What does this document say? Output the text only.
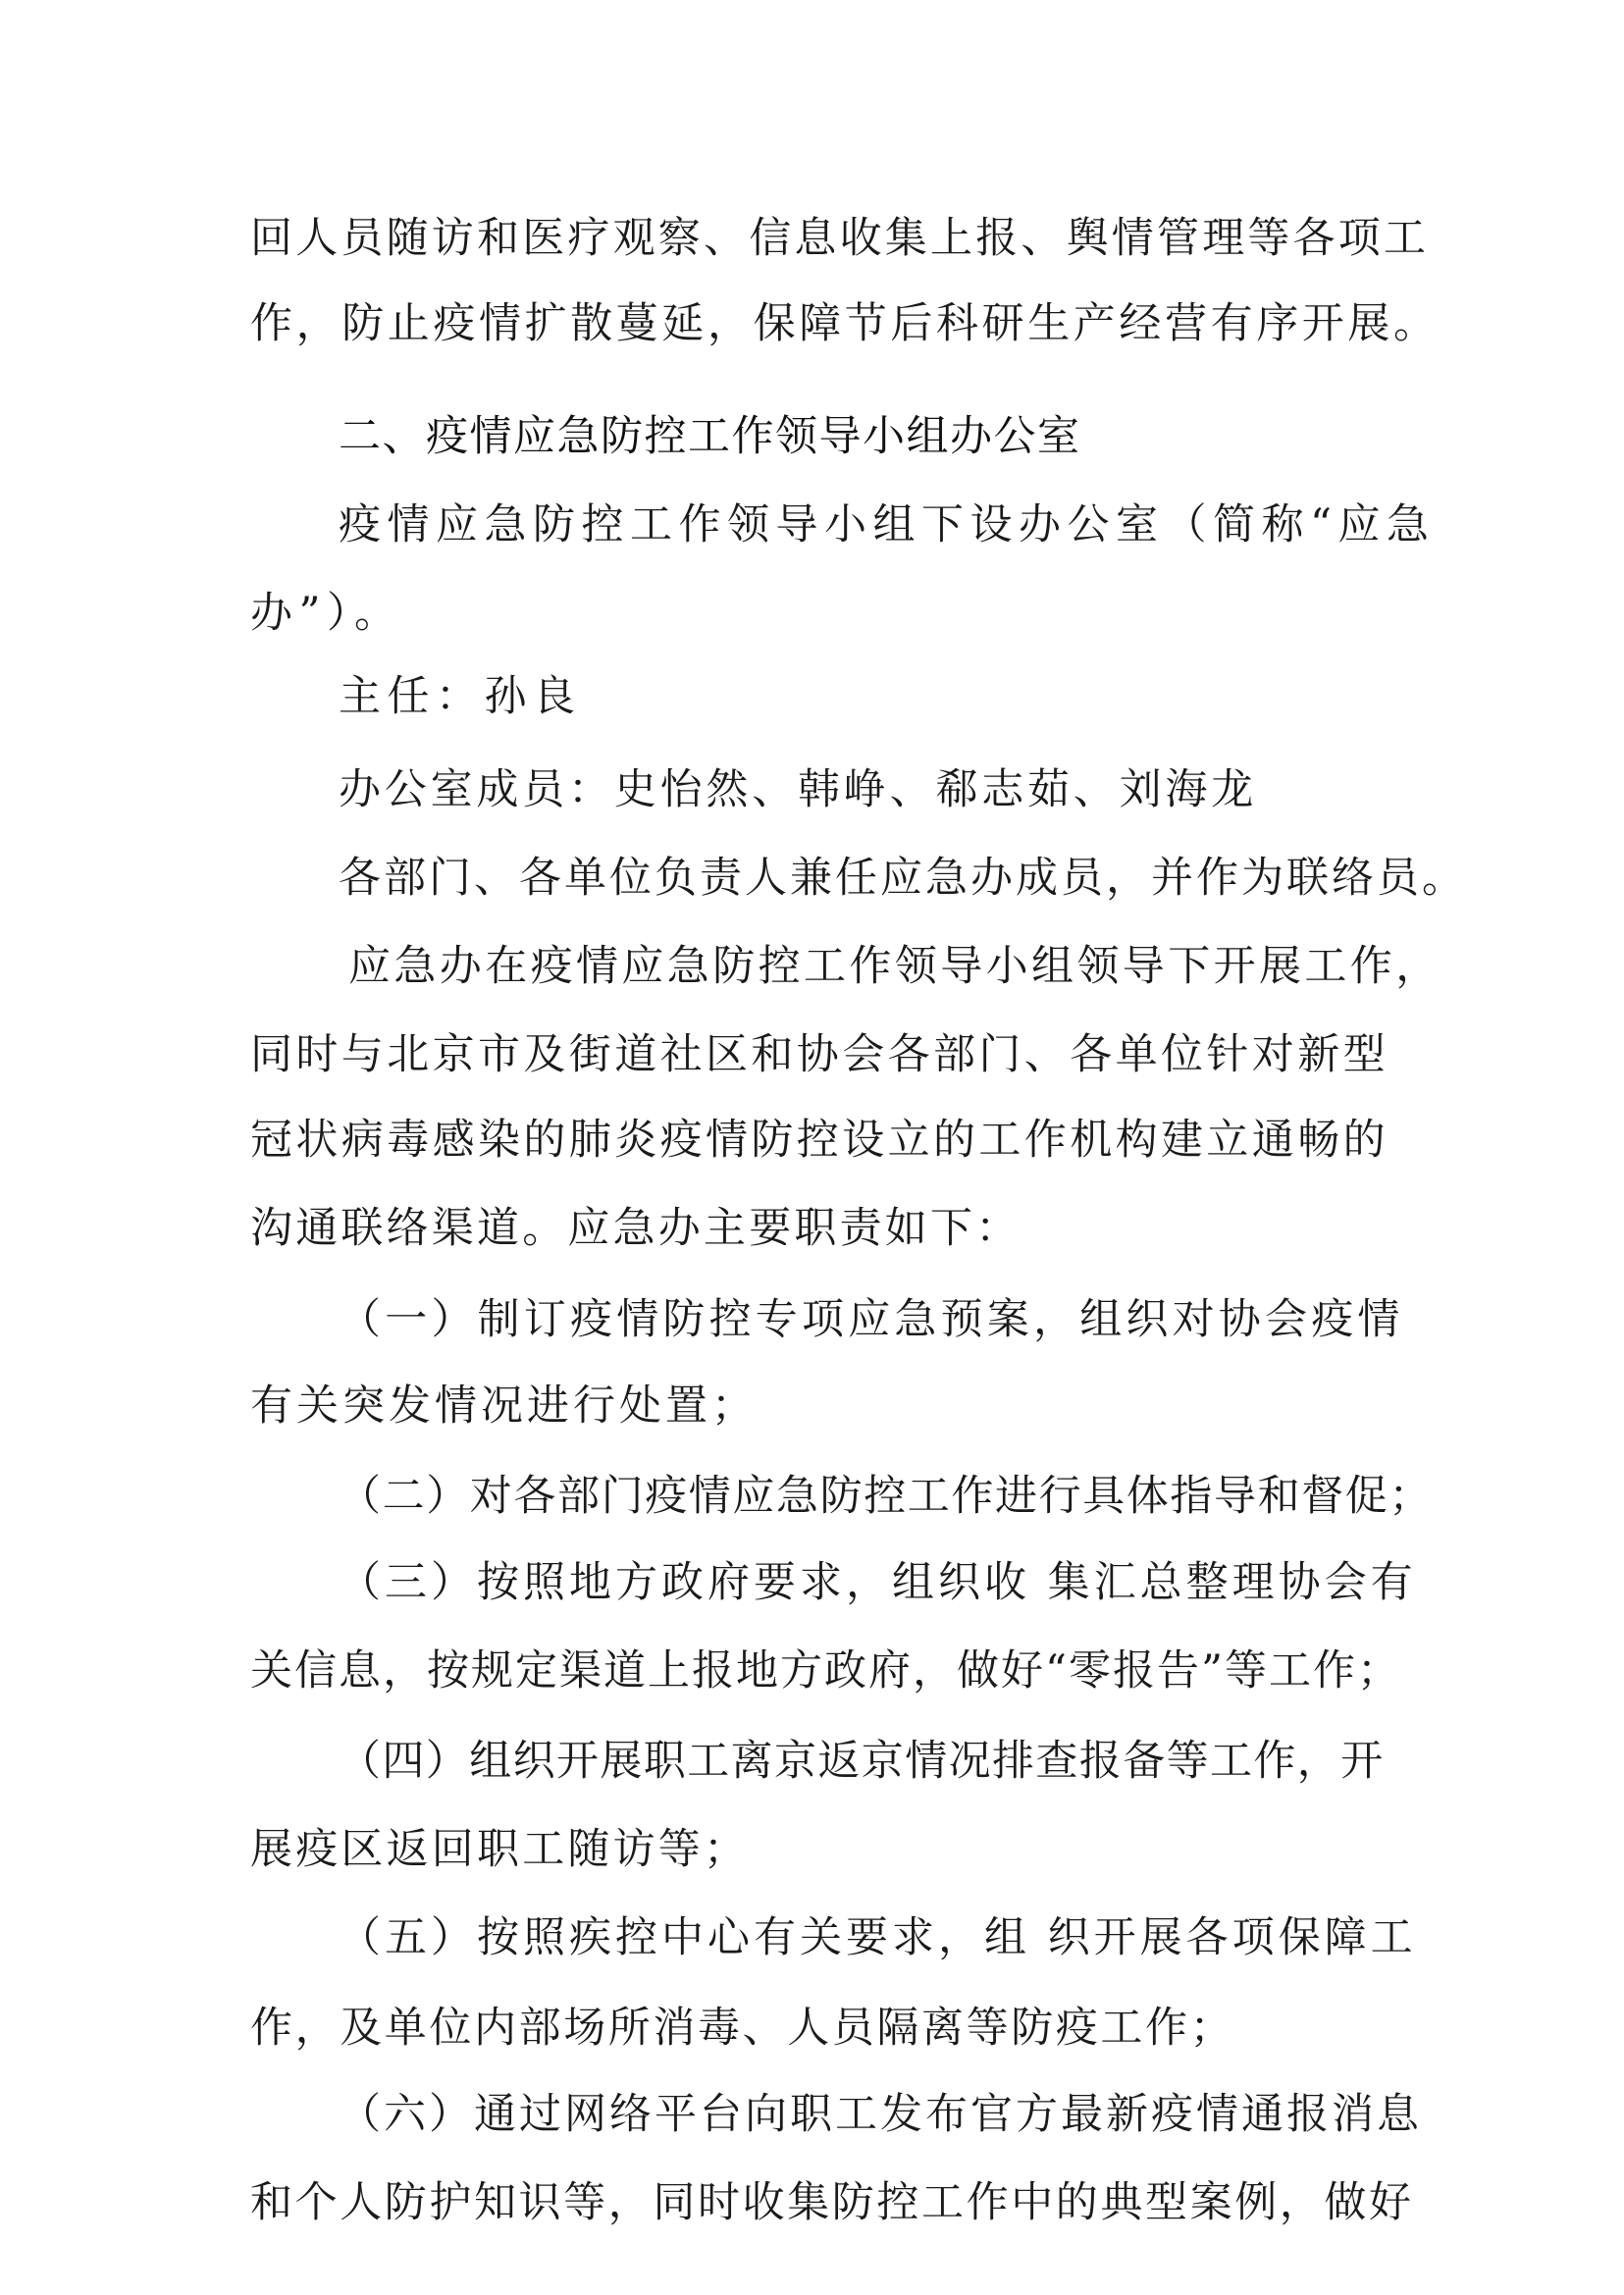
回人员随访和医疗观察、信息收集上报、舆情管理等各项工
作，防止疫情扩散蔓延，保障节后科研生产经营有序开展。
二、疫情应急防控工作领导小组办公室
疫情应急防控工作领导小组下设办公室（简称“应急
办”）。
主任：孙良
办公室成员：史怡然、韩峥、郗志茹、刘海龙
各部门、各单位负责人兼任应急办成员，并作为联络员。
应急办在疫情应急防控工作领导小组领导下开展工作，
同时与北京市及街道社区和协会各部门、各单位针对新型
冠状病毒感染的肺炎疫情防控设立的工作机构建立通畅的
沟通联络渠道。应急办主要职责如下：
（一）制订疫情防控专项应急预案，组织对协会疫情
有关突发情况进行处置；
（二）对各部门疫情应急防控工作进行具体指导和督促；
（三）按照地方政府要求，组织收 集汇总整理协会有
关信息，按规定渠道上报地方政府，做好“零报告”等工作；
（四）组织开展职工离京返京情况排查报备等工作，开
展疫区返回职工随访等；
（五）按照疾控中心有关要求，组 织开展各项保障工
作，及单位内部场所消毒、人员隔离等防疫工作；
（六）通过网络平台向职工发布官方最新疫情通报消息
和个人防护知识等，同时收集防控工作中的典型案例，做好
